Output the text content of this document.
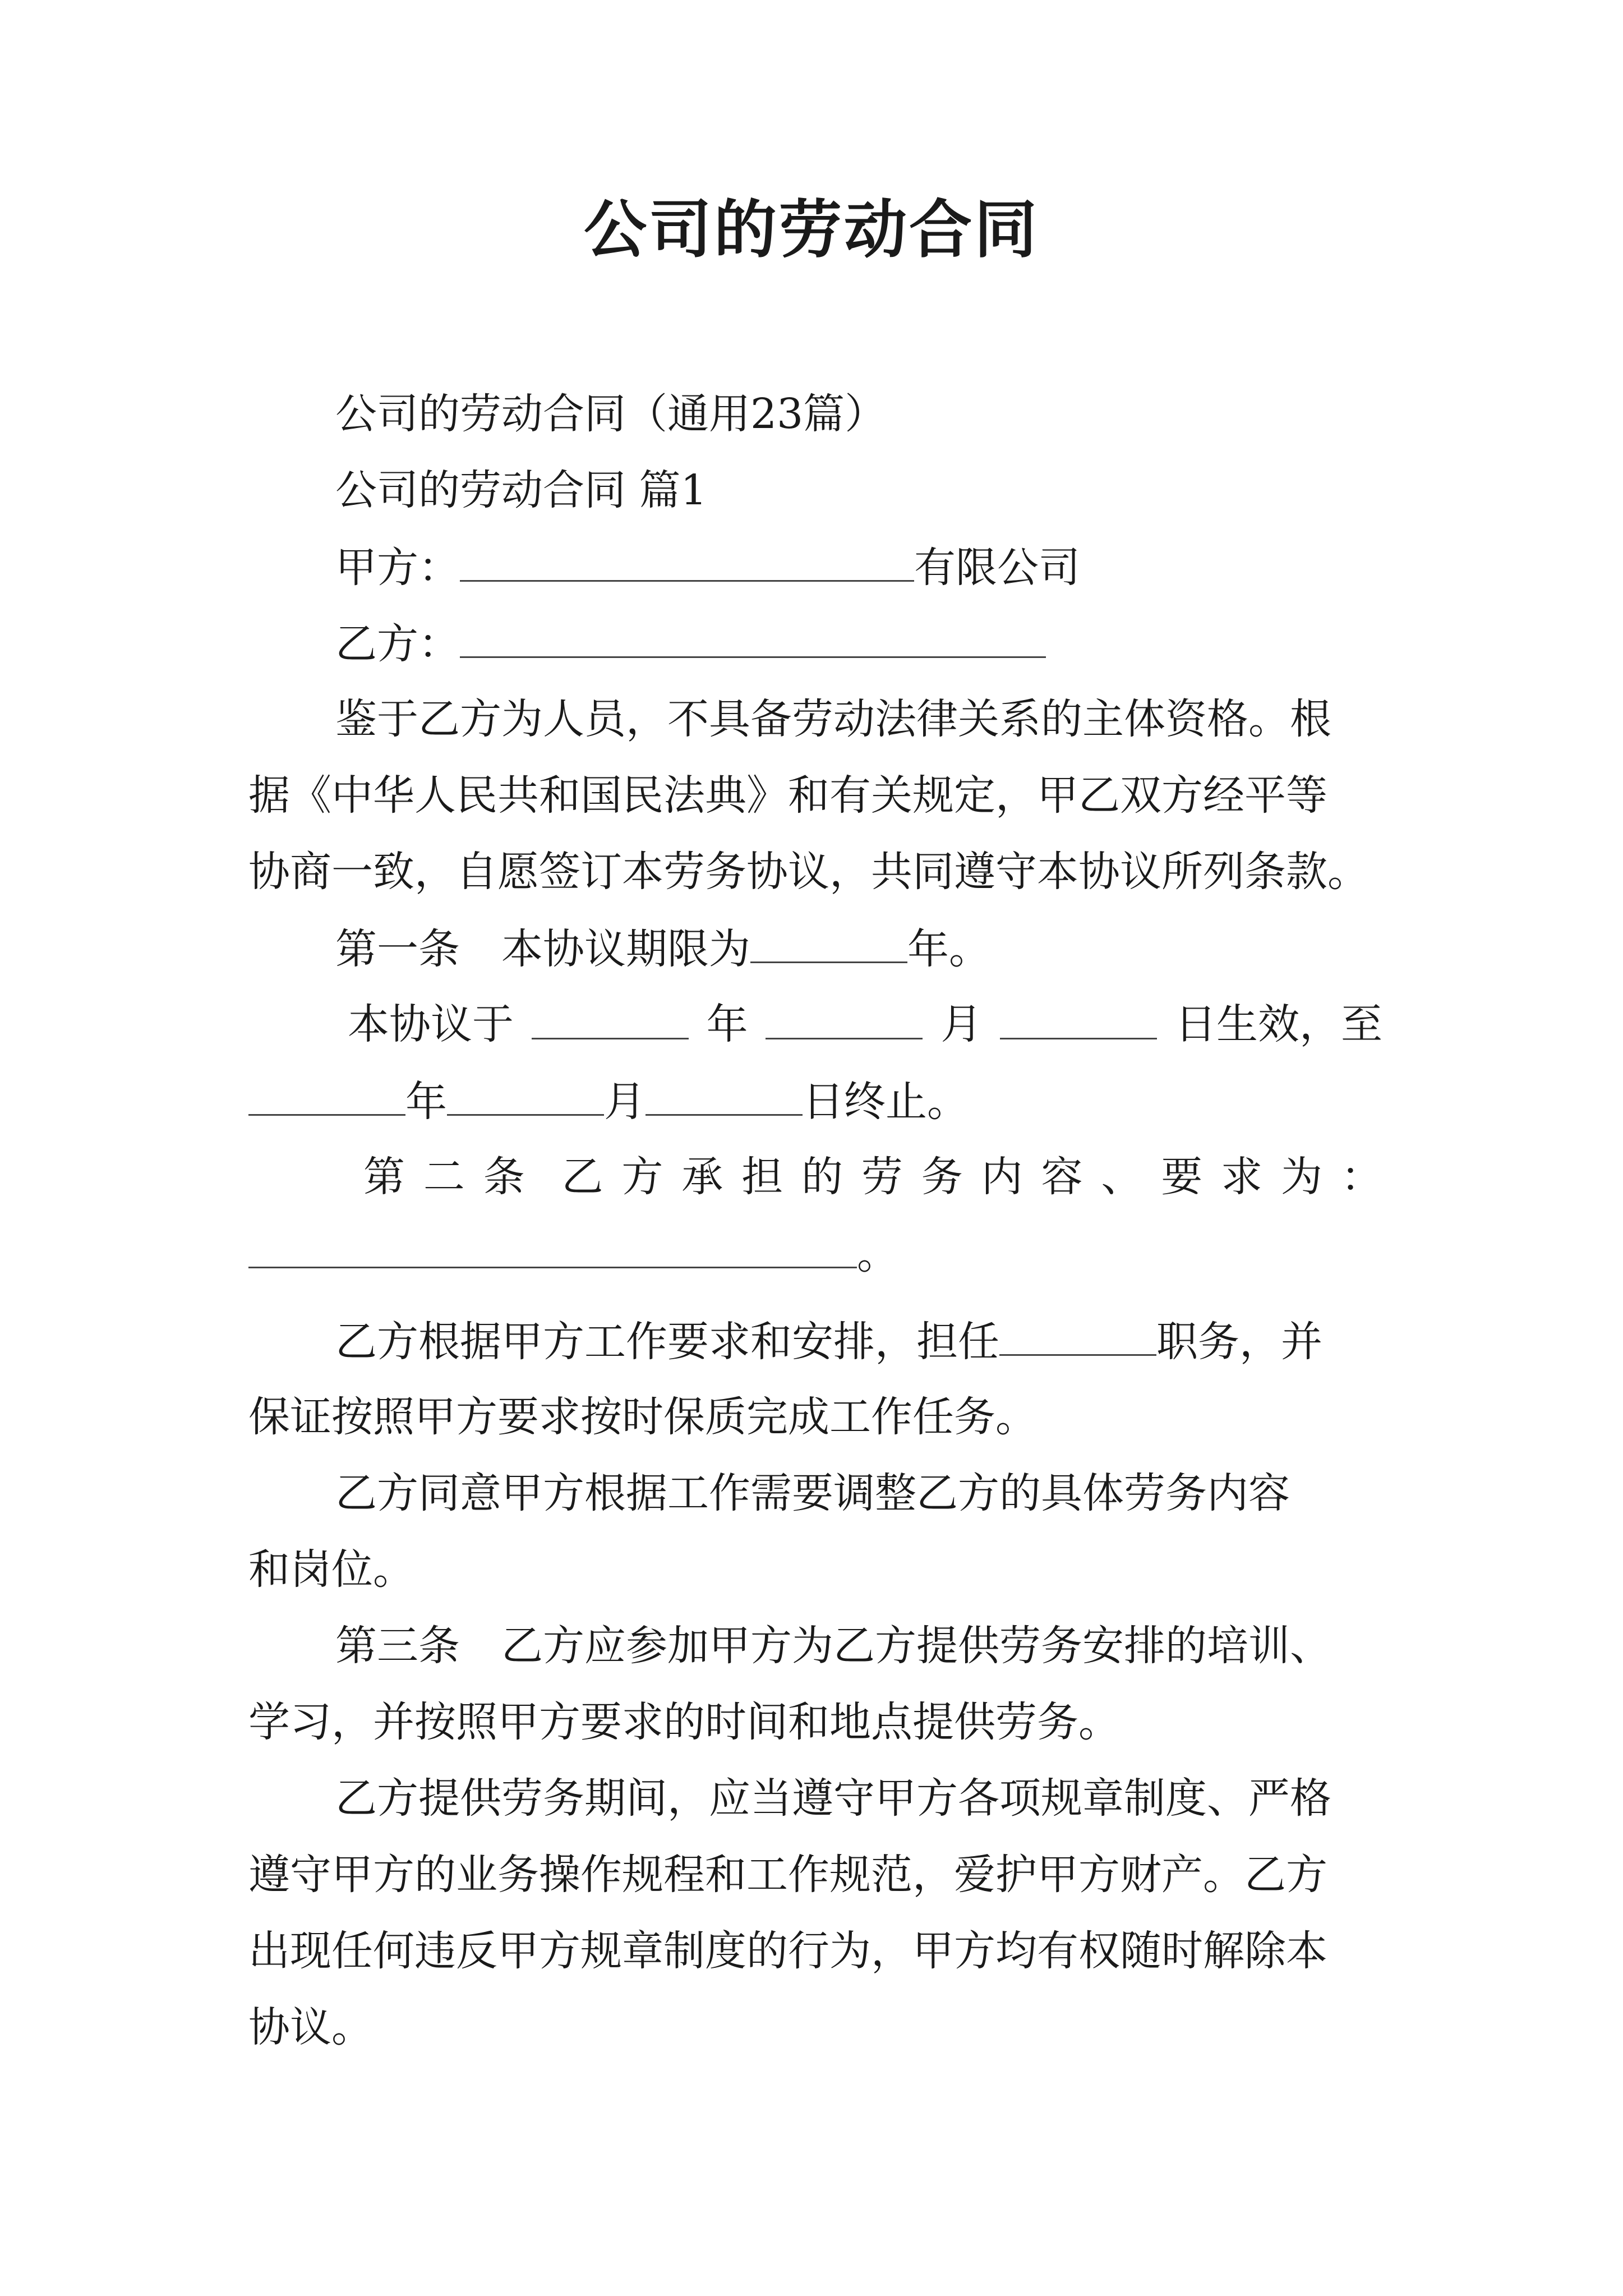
公司的劳动合同
公司的劳动合同（通用23篇）
公司的劳动合同 篇1
甲方：	有限公司
乙方：
鉴于乙方为人员，不具备劳动法律关系的主体资格。根
据《中华人民共和国民法典》和有关规定，甲乙双方经平等
协商一致，自愿签订本劳务协议，共同遵守本协议所列条款。
第一条　本协议期限为	年。
本协议于	年	月	日生效，至
年	月	日终止。
第 二 条 乙 方 承 担 的 劳 务 内 容 、 要 求 为 ：
。
乙方根据甲方工作要求和安排，担任	职务，并
保证按照甲方要求按时保质完成工作任务。
乙方同意甲方根据工作需要调整乙方的具体劳务内容
和岗位。
第三条　乙方应参加甲方为乙方提供劳务安排的培训、
学习，并按照甲方要求的时间和地点提供劳务。
乙方提供劳务期间，应当遵守甲方各项规章制度、严格
遵守甲方的业务操作规程和工作规范，爱护甲方财产。乙方
出现任何违反甲方规章制度的行为，甲方均有权随时解除本
协议。
